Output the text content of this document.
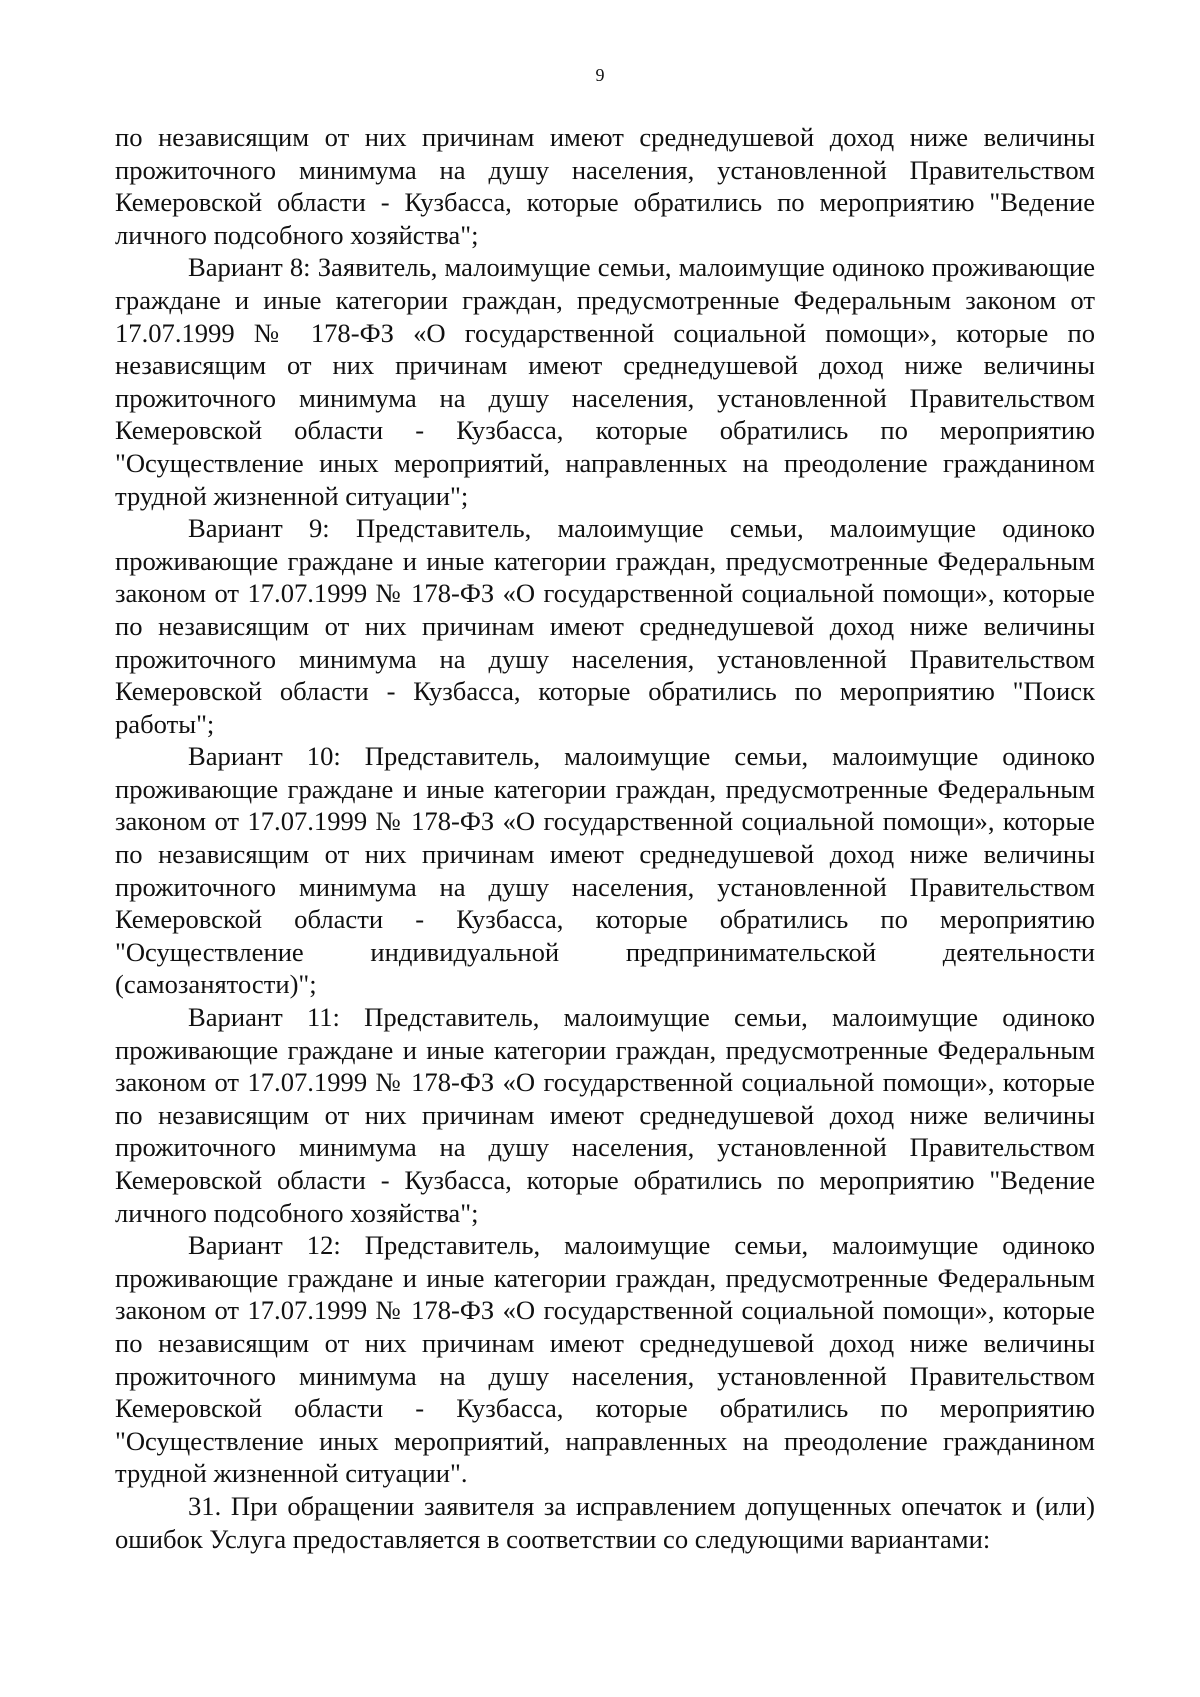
9

по независящим от них причинам имеют среднедушевой доход ниже величины прожиточного минимума на душу населения, установленной Правительством Кемеровской области - Кузбасса, которые обратились по мероприятию "Ведение личного подсобного хозяйства";

Вариант 8: Заявитель, малоимущие семьи, малоимущие одиноко проживающие граждане и иные категории граждан, предусмотренные Федеральным законом от 17.07.1999 № 178-ФЗ «О государственной социальной помощи», которые по независящим от них причинам имеют среднедушевой доход ниже величины прожиточного минимума на душу населения, установленной Правительством Кемеровской области - Кузбасса, которые обратились по мероприятию "Осуществление иных мероприятий, направленных на преодоление гражданином трудной жизненной ситуации";

Вариант 9: Представитель, малоимущие семьи, малоимущие одиноко проживающие граждане и иные категории граждан, предусмотренные Федеральным законом от 17.07.1999 № 178-ФЗ «О государственной социальной помощи», которые по независящим от них причинам имеют среднедушевой доход ниже величины прожиточного минимума на душу населения, установленной Правительством Кемеровской области - Кузбасса, которые обратились по мероприятию "Поиск работы";

Вариант 10: Представитель, малоимущие семьи, малоимущие одиноко проживающие граждане и иные категории граждан, предусмотренные Федеральным законом от 17.07.1999 № 178-ФЗ «О государственной социальной помощи», которые по независящим от них причинам имеют среднедушевой доход ниже величины прожиточного минимума на душу населения, установленной Правительством Кемеровской области - Кузбасса, которые обратились по мероприятию "Осуществление индивидуальной предпринимательской деятельности (самозанятости)";

Вариант 11: Представитель, малоимущие семьи, малоимущие одиноко проживающие граждане и иные категории граждан, предусмотренные Федеральным законом от 17.07.1999 № 178-ФЗ «О государственной социальной помощи», которые по независящим от них причинам имеют среднедушевой доход ниже величины прожиточного минимума на душу населения, установленной Правительством Кемеровской области - Кузбасса, которые обратились по мероприятию "Ведение личного подсобного хозяйства";

Вариант 12: Представитель, малоимущие семьи, малоимущие одиноко проживающие граждане и иные категории граждан, предусмотренные Федеральным законом от 17.07.1999 № 178-ФЗ «О государственной социальной помощи», которые по независящим от них причинам имеют среднедушевой доход ниже величины прожиточного минимума на душу населения, установленной Правительством Кемеровской области - Кузбасса, которые обратились по мероприятию "Осуществление иных мероприятий, направленных на преодоление гражданином трудной жизненной ситуации".

31. При обращении заявителя за исправлением допущенных опечаток и (или) ошибок Услуга предоставляется в соответствии со следующими вариантами:
